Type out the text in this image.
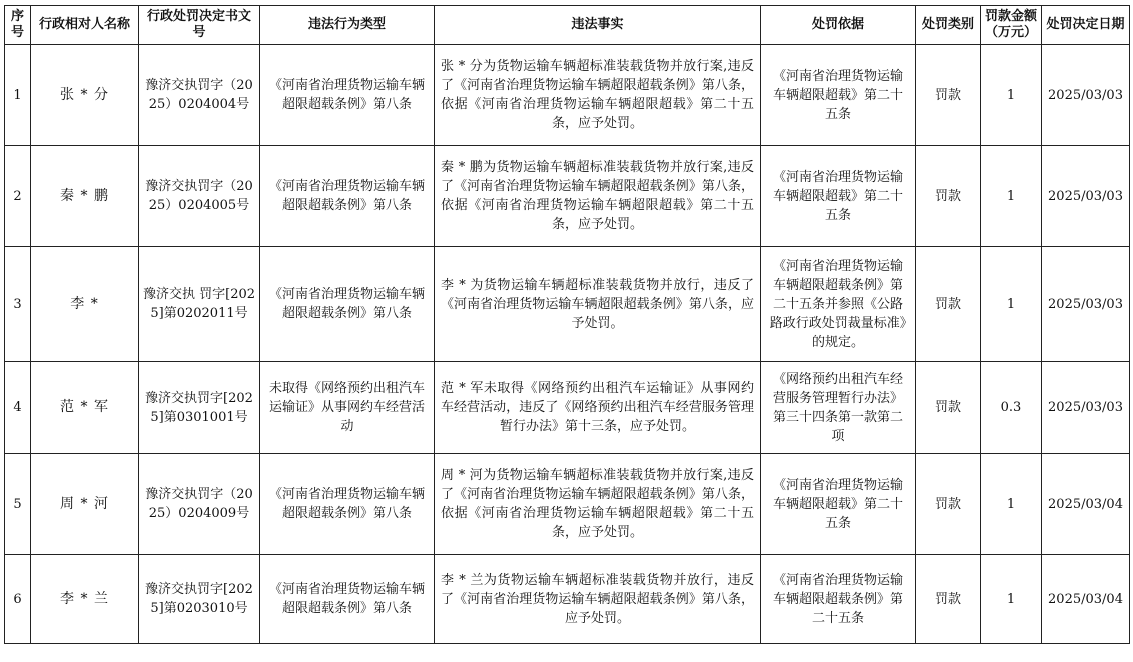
序号	行政相对人名称	行政处罚决定书文号	违法行为类型	违法事实	处罚依据	处罚类别	罚款金额（万元）	处罚决定日期
1	张 * 分	豫济交执罚字（2025）0204004号	《河南省治理货物运输车辆超限超载条例》第八条	张 * 分为货物运输车辆超标准装载货物并放行案,违反了《河南省治理货物运输车辆超限超载条例》第八条，依据《河南省治理货物运输车辆超限超载》第二十五条，应予处罚。	《河南省治理货物运输车辆超限超载》第二十五条	罚款	1	2025/03/03
2	秦 * 鹏	豫济交执罚字（2025）0204005号	《河南省治理货物运输车辆超限超载条例》第八条	秦 * 鹏为货物运输车辆超标准装载货物并放行案,违反了《河南省治理货物运输车辆超限超载条例》第八条，依据《河南省治理货物运输车辆超限超载》第二十五条，应予处罚。	《河南省治理货物运输车辆超限超载》第二十五条	罚款	1	2025/03/03
3	李 *	豫济交执 罚字[2025]第0202011号	《河南省治理货物运输车辆超限超载条例》第八条	李 * 为货物运输车辆超标准装载货物并放行，违反了《河南省治理货物运输车辆超限超载条例》第八条，应予处罚。	《河南省治理货物运输车辆超限超载条例》第二十五条并参照《公路路政行政处罚裁量标准》的规定。	罚款	1	2025/03/03
4	范 * 军	豫济交执罚字[2025]第0301001号	未取得《网络预约出租汽车运输证》从事网约车经营活动	范 * 军未取得《网络预约出租汽车运输证》从事网约车经营活动，违反了《网络预约出租汽车经营服务管理暂行办法》第十三条，应予处罚。	《网络预约出租汽车经营服务管理暂行办法》第三十四条第一款第二项	罚款	0.3	2025/03/03
5	周 * 河	豫济交执罚字（2025）0204009号	《河南省治理货物运输车辆超限超载条例》第八条	周 * 河为货物运输车辆超标准装载货物并放行案,违反了《河南省治理货物运输车辆超限超载条例》第八条，依据《河南省治理货物运输车辆超限超载》第二十五条，应予处罚。	《河南省治理货物运输车辆超限超载》第二十五条	罚款	1	2025/03/04
6	李 * 兰	豫济交执罚字[2025]第0203010号	《河南省治理货物运输车辆超限超载条例》第八条	李 * 兰为货物运输车辆超标准装载货物并放行，违反了《河南省治理货物运输车辆超限超载条例》第八条，应予处罚。	《河南省治理货物运输车辆超限超载条例》第二十五条	罚款	1	2025/03/04
